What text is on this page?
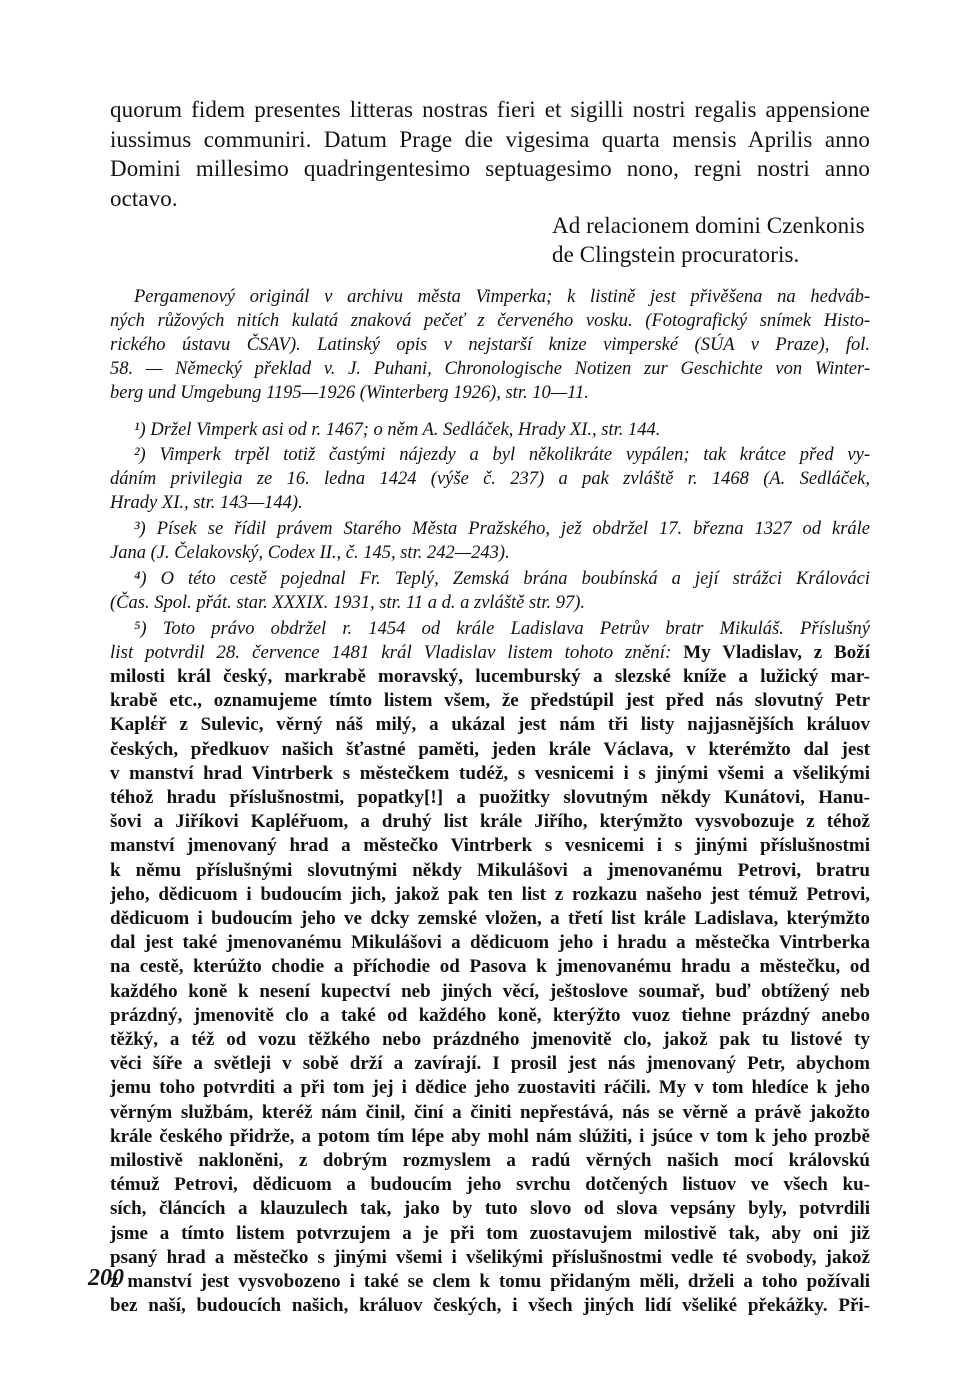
quorum fidem presentes litteras nostras fieri et sigilli nostri regalis appensione
iussimus communiri. Datum Prage die vigesima quarta mensis Aprilis anno
Domini millesimo quadringentesimo septuagesimo nono, regni nostri anno
octavo.
Ad relacionem domini Czenkonis
de Clingstein procuratoris.
Pergamenový originál v archivu města Vimperka; k listině jest přivěšena na hedváb-
ných růžových nitích kulatá znaková pečeť z červeného vosku. (Fotografický snímek Histo-
rického ústavu ČSAV). Latinský opis v nejstarší knize vimperské (SÚA v Praze), fol.
58. — Německý překlad v. J. Puhani, Chronologische Notizen zur Geschichte von Winter-
berg und Umgebung 1195—1926 (Winterberg 1926), str. 10—11.
¹) Držel Vimperk asi od r. 1467; o něm A. Sedláček, Hrady XI., str. 144.
²) Vimperk trpěl totiž častými nájezdy a byl několikráte vypálen; tak krátce před vy-
dáním privilegia ze 16. ledna 1424 (výše č. 237) a pak zvláště r. 1468 (A. Sedláček,
Hrady XI., str. 143—144).
³) Písek se řídil právem Starého Města Pražského, jež obdržel 17. března 1327 od krále
Jana (J. Čelakovský, Codex II., č. 145, str. 242—243).
⁴) O této cestě pojednal Fr. Teplý, Zemská brána boubínská a její strážci Králováci
(Čas. Spol. přát. star. XXXIX. 1931, str. 11 a d. a zvláště str. 97).
⁵) Toto právo obdržel r. 1454 od krále Ladislava Petrův bratr Mikuláš. Příslušný
list potvrdil 28. července 1481 král Vladislav listem tohoto znění: My Vladislav, z Boží
milosti král český, markrabě moravský, lucemburský a slezské kníže a lužický mar-
krabě etc., oznamujeme tímto listem všem, že předstúpil jest před nás slovutný Petr
Kaplέř z Sulevic, věrný náš milý, a ukázal jest nám tři listy najjasnějších králuov
českých, předkuov našich šťastné paměti, jeden krále Václava, v kterémžto dal jest
v manství hrad Vintrberk s městečkem tudéž, s vesnicemi i s jinými všemi a všelikými
téhož hradu příslušnostmi, popatky[!] a puožitky slovutným někdy Kunátovi, Hanu-
šovi a Jiříkovi Kapléřuom, a druhý list krále Jiřího, kterýmžto vysvobozuje z téhož
manství jmenovaný hrad a městečko Vintrberk s vesnicemi i s jinými příslušnostmi
k němu příslušnými slovutnými někdy Mikulášovi a jmenovanému Petrovi, bratru
jeho, dědicuom i budoucím jich, jakož pak ten list z rozkazu našeho jest témuž Petrovi,
dědicuom i budoucím jeho ve dcky zemské vložen, a třetí list krále Ladislava, kterýmžto
dal jest také jmenovanému Mikulášovi a dědicuom jeho i hradu a městečka Vintrberka
na cestě, kterúžto chodie a příchodie od Pasova k jmenovanému hradu a městečku, od
každého koně k nesení kupectví neb jiných věcí, ještoslove soumař, buď obtížený neb
prázdný, jmenovitě clo a také od každého koně, kterýžto vuoz tiehne prázdný anebo
těžký, a též od vozu těžkého nebo prázdného jmenovitě clo, jakož pak tu listové ty
věci šíře a světleji v sobě drží a zavírají. I prosil jest nás jmenovaný Petr, abychom
jemu toho potvrditi a při tom jej i dědice jeho zuostaviti ráčili. My v tom hledíce k jeho
věrným službám, kteréž nám činil, činí a činiti nepřestává, nás se věrně a právě jakožto
krále českého přidrže, a potom tím lépe aby mohl nám slúžiti, i jsúce v tom k jeho prozbě
milostivě nakloněni, z dobrým rozmyslem a radú věrných našich mocí královskú
témuž Petrovi, dědicuom a budoucím jeho svrchu dotčených listuov ve všech ku-
sích, článcích a klauzulech tak, jako by tuto slovo od slova vepsány byly, potvrdili
jsme a tímto listem potvrzujem a je při tom zuostavujem milostivě tak, aby oni již
psaný hrad a městečko s jinými všemi i všelikými příslušnostmi vedle té svobody, jakož
z manství jest vysvobozeno i také se clem k tomu přidaným měli, drželi a toho požívali
bez naší, budoucích našich, králuov českých, i všech jiných lidí všeliké překážky. Při-
200
